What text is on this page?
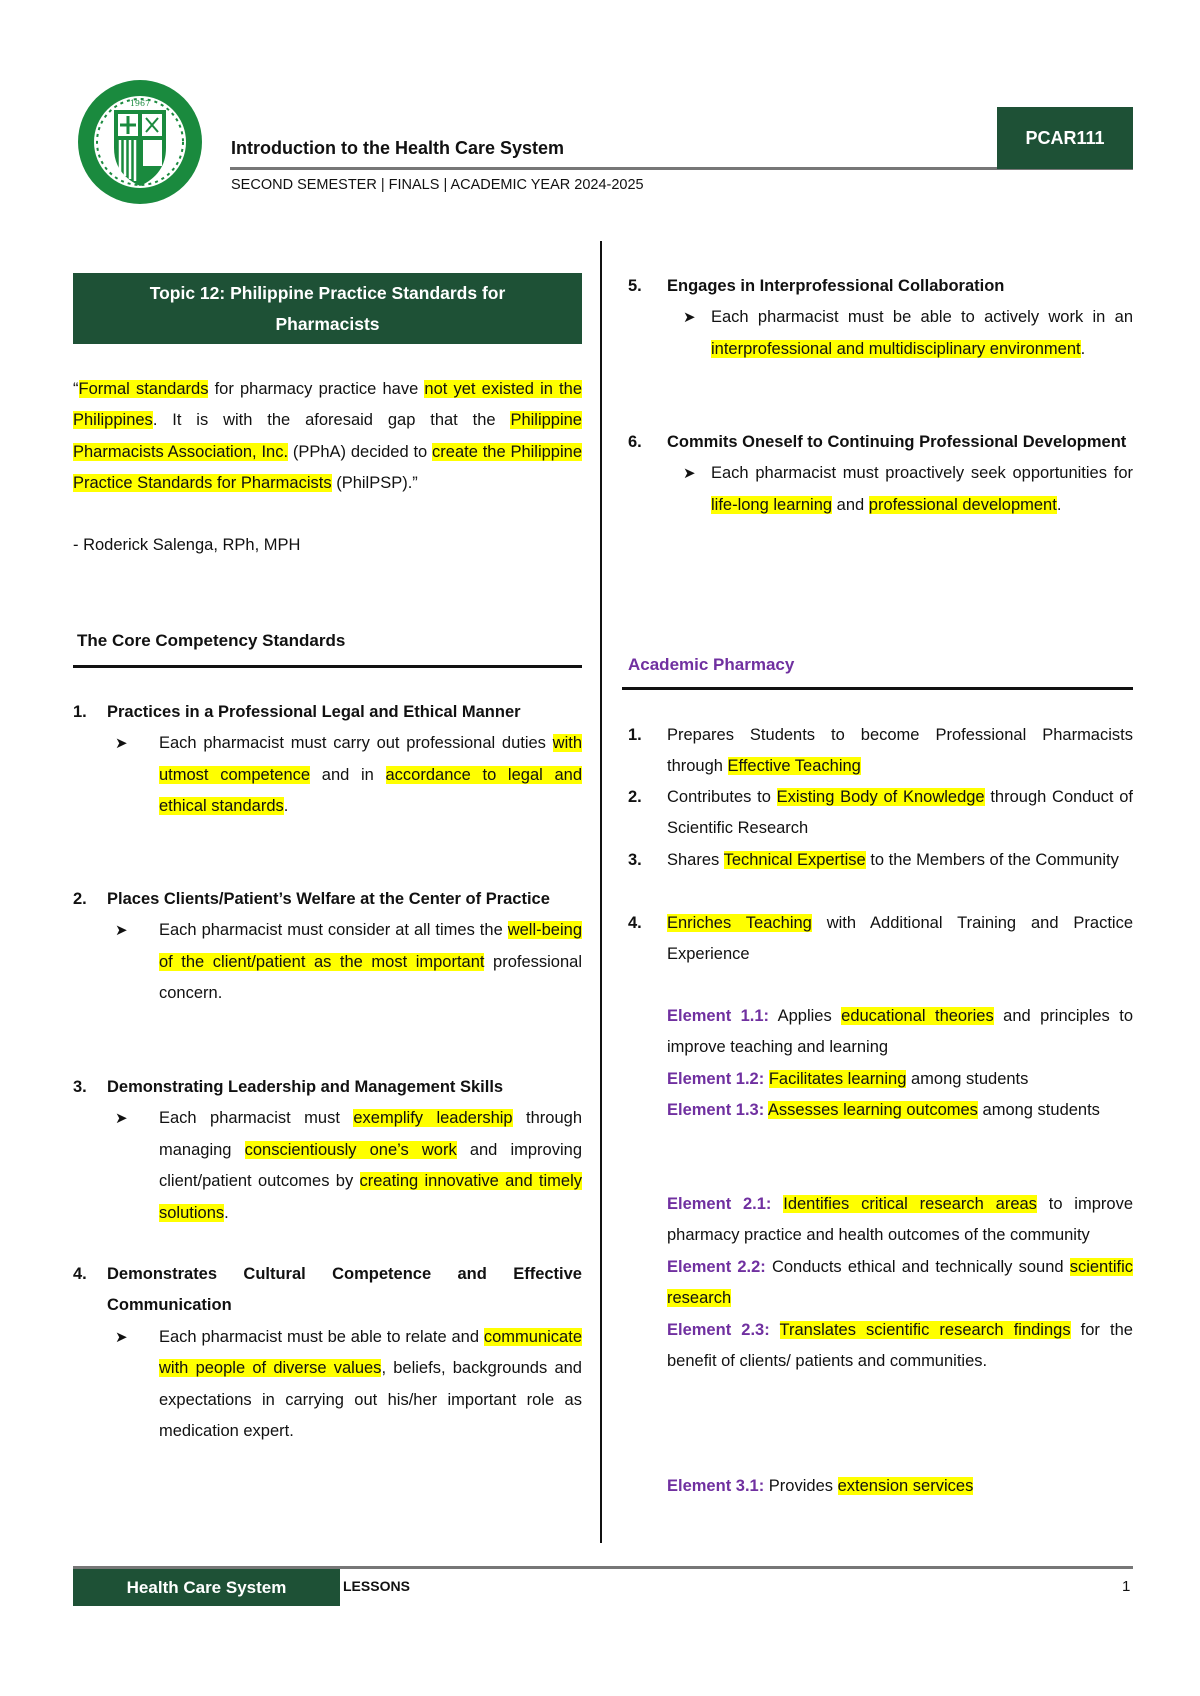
1967
Introduction to the Health Care System
PCAR111
SECOND SEMESTER | FINALS | ACADEMIC YEAR 2024-2025
Topic 12: Philippine Practice Standards for Pharmacists
“Formal standards for pharmacy practice have not yet existed in the Philippines. It is with the aforesaid gap that the Philippine Pharmacists Association, Inc. (PPhA) decided to create the Philippine Practice Standards for Pharmacists (PhilPSP).”
- Roderick Salenga, RPh, MPH
The Core Competency Standards
1. Practices in a Professional Legal and Ethical Manner
➤ Each pharmacist must carry out professional duties with utmost competence and in accordance to legal and ethical standards.
2. Places Clients/Patient’s Welfare at the Center of Practice
➤ Each pharmacist must consider at all times the well-being of the client/patient as the most important professional concern.
3. Demonstrating Leadership and Management Skills
➤ Each pharmacist must exemplify leadership through managing conscientiously one’s work and improving client/patient outcomes by creating innovative and timely solutions.
4. Demonstrates Cultural Competence and Effective Communication
➤ Each pharmacist must be able to relate and communicate with people of diverse values, beliefs, backgrounds and expectations in carrying out his/her important role as medication expert.
5. Engages in Interprofessional Collaboration
➤ Each pharmacist must be able to actively work in an interprofessional and multidisciplinary environment.
6. Commits Oneself to Continuing Professional Development
➤ Each pharmacist must proactively seek opportunities for life-long learning and professional development.
Academic Pharmacy
1. Prepares Students to become Professional Pharmacists through Effective Teaching
2. Contributes to Existing Body of Knowledge through Conduct of Scientific Research
3. Shares Technical Expertise to the Members of the Community
4. Enriches Teaching with Additional Training and Practice Experience
Element 1.1: Applies educational theories and principles to improve teaching and learning
Element 1.2: Facilitates learning among students
Element 1.3: Assesses learning outcomes among students
Element 2.1: Identifies critical research areas to improve pharmacy practice and health outcomes of the community
Element 2.2: Conducts ethical and technically sound scientific research
Element 2.3: Translates scientific research findings for the benefit of clients/ patients and communities.
Element 3.1: Provides extension services
Health Care System	LESSONS	1
